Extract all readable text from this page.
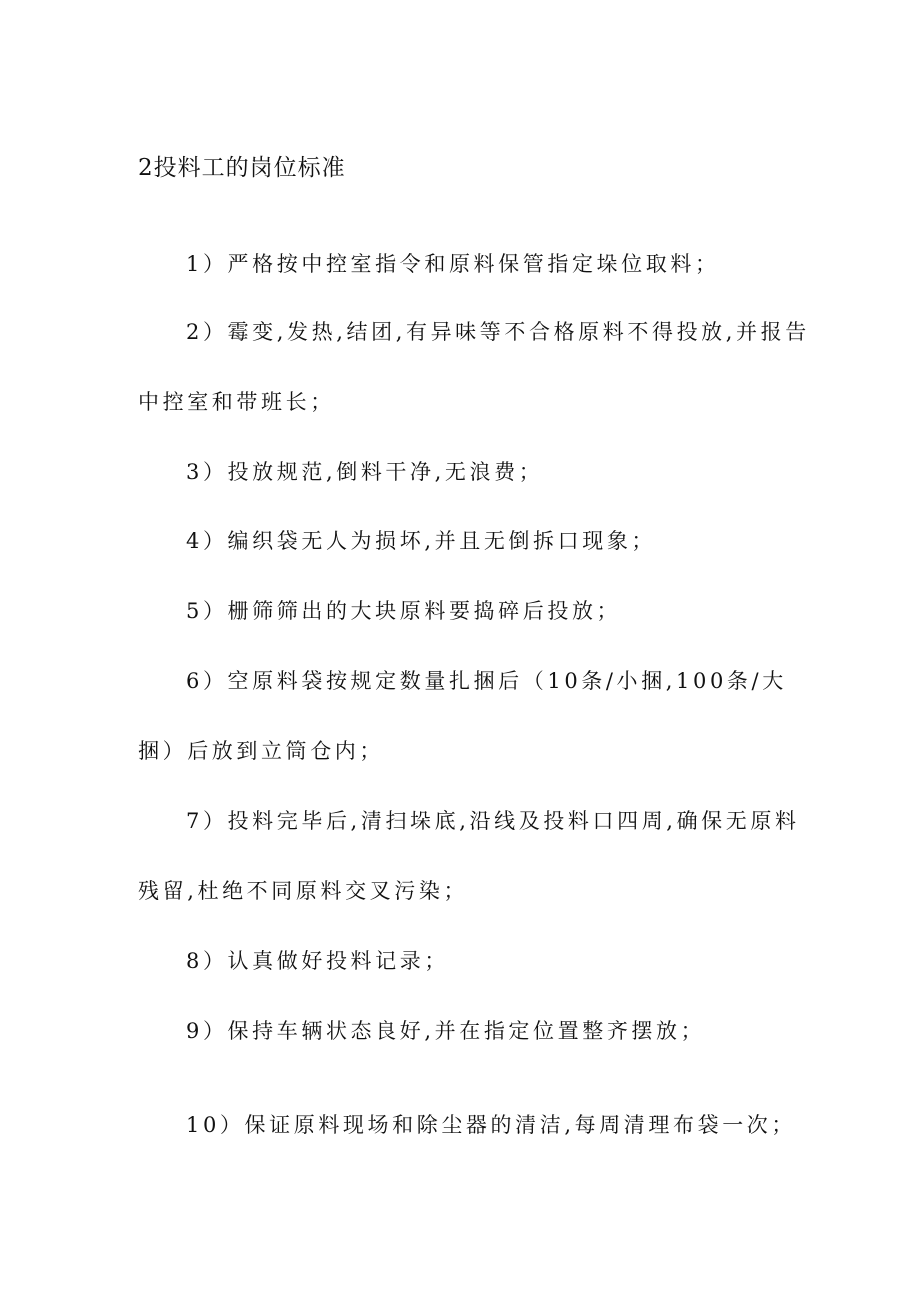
2投料工的岗位标准
1）严格按中控室指令和原料保管指定垛位取料；
2）霉变,发热,结团,有异味等不合格原料不得投放,并报告
中控室和带班长；
3）投放规范,倒料干净,无浪费；
4）编织袋无人为损坏,并且无倒拆口现象；
5）栅筛筛出的大块原料要捣碎后投放；
6）空原料袋按规定数量扎捆后（10条/小捆,100条/大
捆）后放到立筒仓内；
7）投料完毕后,清扫垛底,沿线及投料口四周,确保无原料
残留,杜绝不同原料交叉污染；
8）认真做好投料记录；
9）保持车辆状态良好,并在指定位置整齐摆放；
10）保证原料现场和除尘器的清洁,每周清理布袋一次；
